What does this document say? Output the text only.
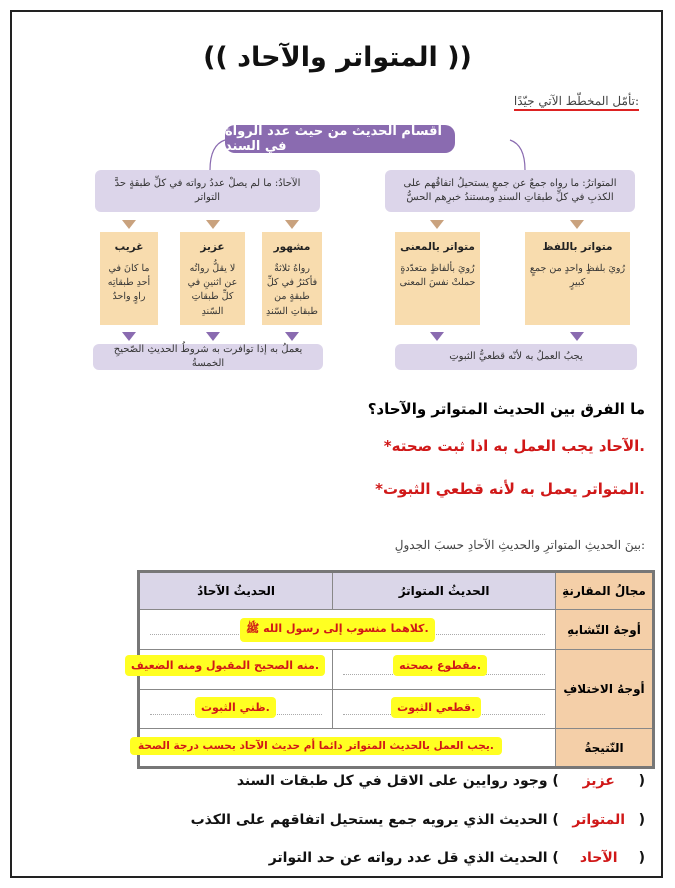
(( المتواتر والآحاد ))
تأمّل المخطّط الآتي جيّدًا:
اقسام الحديث من حيث عدد الرواة في السند
الآحادُ: ما لم يصلْ عددُ رواته في كلِّ طبقةٍ حدَّ التواتر
المتواترُ: ما رواه جمعٌ عن جمعٍ يستحيلُ اتفاقُهم على الكذبِ في كلِّ طبقاتِ السندِ ومستندُ خبرِهم الحسُّ
غريب
ما كانَ في أحدِ طبقاتِه راوٍ واحدٌ
عزيز
لا يقلُّ رواتُه عن اثنينِ في كلِّ طبقاتِ السّندِ
مشهور
رواهُ ثلاثةٌ فأكثرُ في كلِّ طبقةٍ من طبقاتِ السّندِ
متواتر بالمعنى
رُويَ بألفاظٍ متعدّدةٍ حملتْ نفسَ المعنى
متواتر باللفظ
رُويَ بلفظٍ واحدٍ من جمعٍ كبيرٍ
يعملُ به إذا توافرت به شروطُ الحديثِ الصّحيحِ الخمسةُ
يجبُ العملُ به لأنّه قطعيُّ الثبوتِ
ما الفرق بين الحديث المتواتر والآحاد؟
*الآحاد يجب العمل به اذا ثبت صحته.
*المتواتر يعمل به لأنه قطعي الثبوت.
بينَ الحديثِ المتواترِ والحديثِ الآحادِ حسبَ الجدولِ:
الحديثُ الآحادُ	الحديثُ المتواترُ	مجالُ المقارنةِ

كلاهما منسوب إلى رسول الله ﷺ.		أوجهُ التّشابهِ

منه الصحيح المقبول ومنه الضعيف.	مقطوع بصحته.	أوجهُ الاختلافِ

ظني الثبوت.	قطعي الثبوت.	

يجب العمل بالحديث المتواتر دائما أم حديث الآحاد بحسب درجة الصحة.		النّتيجةُ
( عزيز ) وجود روايين على الاقل في كل طبقات السند
( المتواتر ) الحديث الذي يرويه جمع يستحيل اتفاقهم على الكذب
( الآحاد ) الحديث الذي قل عدد رواته عن حد التواتر
